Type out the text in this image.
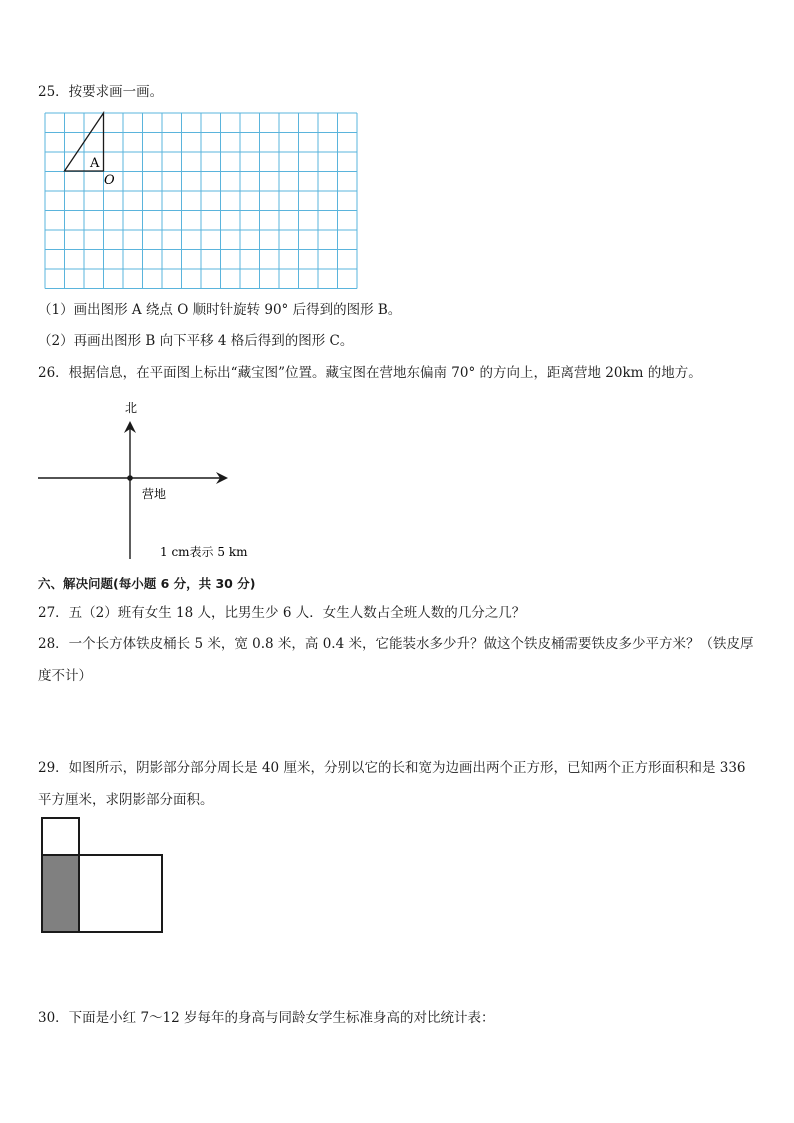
25．按要求画一画。
A
O
（1）画出图形 A 绕点 O 顺时针旋转 90° 后得到的图形 B。
（2）再画出图形 B 向下平移 4 格后得到的图形 C。
26．根据信息，在平面图上标出“藏宝图”位置。藏宝图在营地东偏南 70° 的方向上，距离营地 20km 的地方。
北
营地
1 cm表示 5 km
六、解决问题(每小题 6 分，共 30 分)
27．五（2）班有女生 18 人，比男生少 6 人．女生人数占全班人数的几分之几？
28．一个长方体铁皮桶长 5 米，宽 0.8 米，高 0.4 米，它能装水多少升？做这个铁皮桶需要铁皮多少平方米？（铁皮厚度不计）
29．如图所示，阴影部分部分周长是 40 厘米，分别以它的长和宽为边画出两个正方形，已知两个正方形面积和是 336 平方厘米，求阴影部分面积。
30．下面是小红 7～12 岁每年的身高与同龄女学生标准身高的对比统计表：
